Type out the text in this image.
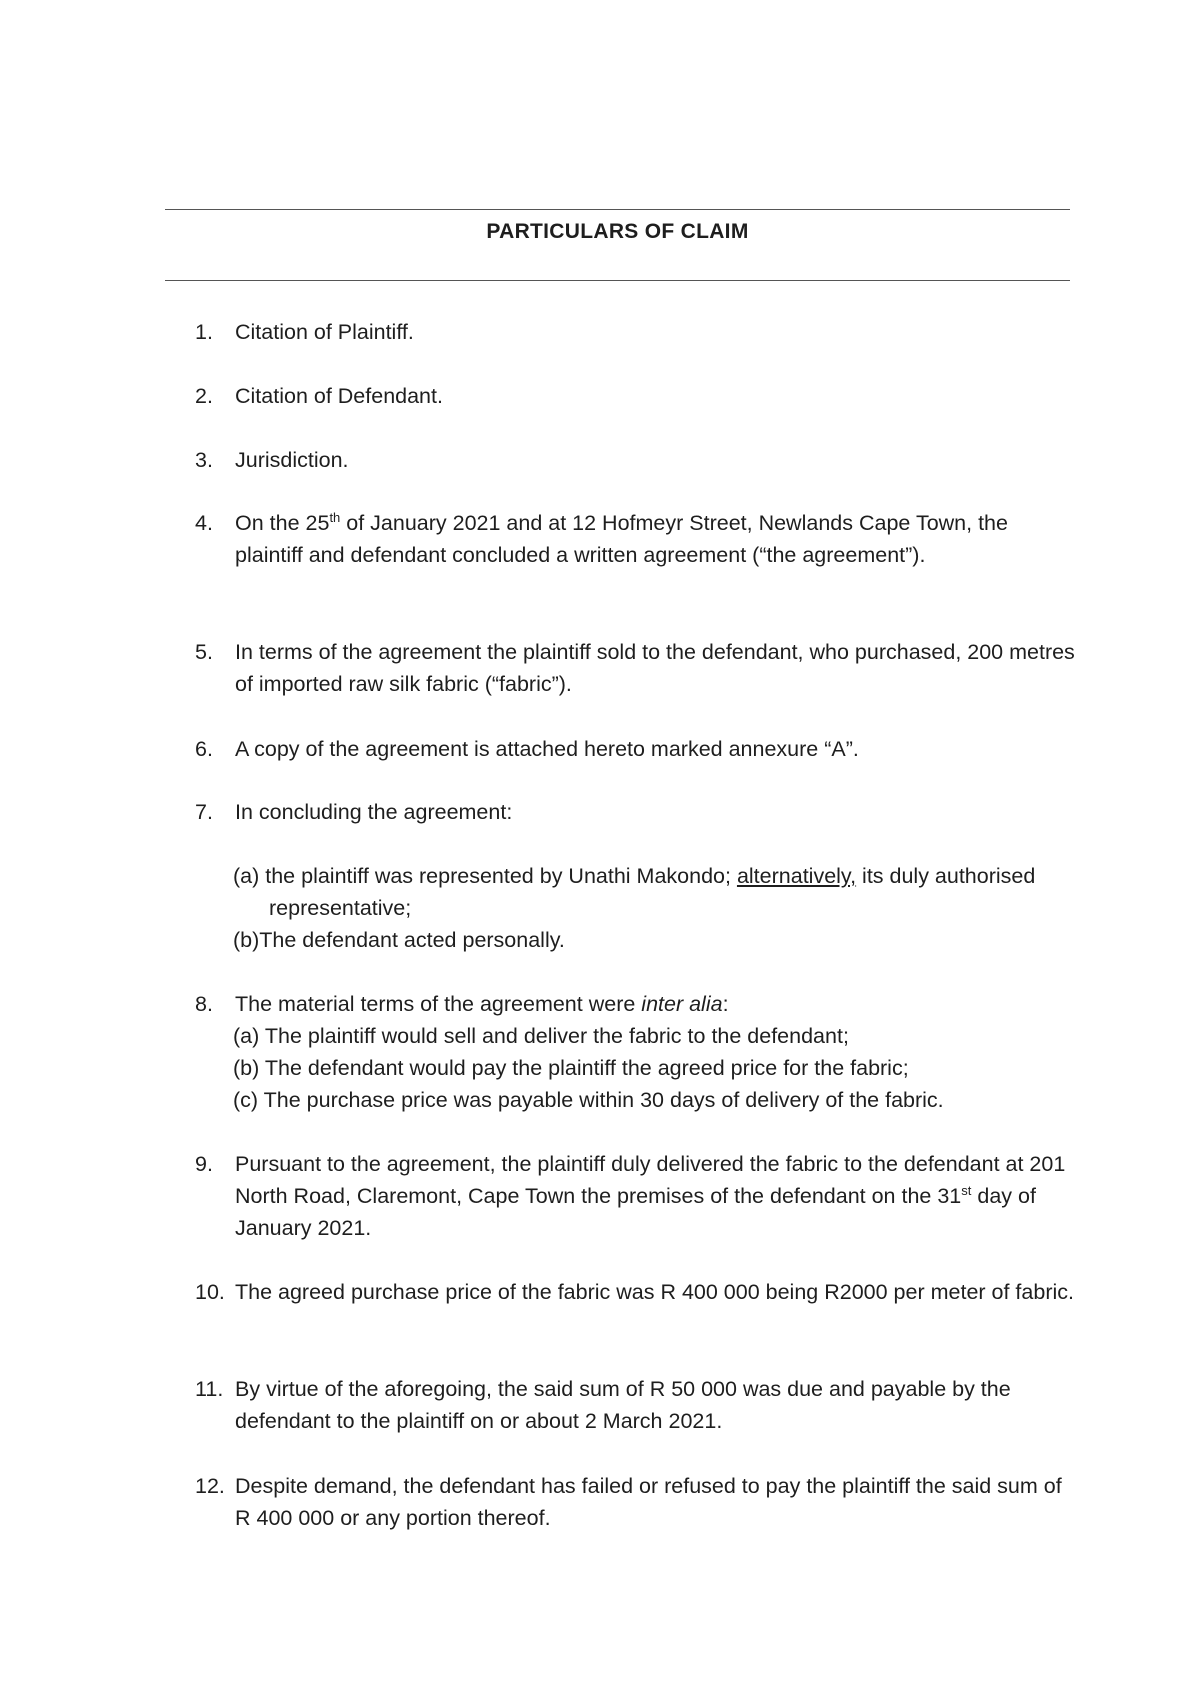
PARTICULARS OF CLAIM
1. Citation of Plaintiff.
2. Citation of Defendant.
3. Jurisdiction.
4. On the 25th of January 2021 and at 12 Hofmeyr Street, Newlands Cape Town, the plaintiff and defendant concluded a written agreement (“the agreement”).
5. In terms of the agreement the plaintiff sold to the defendant, who purchased, 200 metres of imported raw silk fabric (“fabric”).
6. A copy of the agreement is attached hereto marked annexure “A”.
7. In concluding the agreement:
(a) the plaintiff was represented by Unathi Makondo; alternatively, its duly authorised representative;
(b)The defendant acted personally.
8. The material terms of the agreement were inter alia:
(a) The plaintiff would sell and deliver the fabric to the defendant;
(b) The defendant would pay the plaintiff the agreed price for the fabric;
(c) The purchase price was payable within 30 days of delivery of the fabric.
9. Pursuant to the agreement, the plaintiff duly delivered the fabric to the defendant at 201 North Road, Claremont, Cape Town the premises of the defendant on the 31st day of January 2021.
10. The agreed purchase price of the fabric was R 400 000 being R2000 per meter of fabric.
11. By virtue of the aforegoing, the said sum of R 50 000 was due and payable by the defendant to the plaintiff on or about 2 March 2021.
12. Despite demand, the defendant has failed or refused to pay the plaintiff the said sum of R 400 000 or any portion thereof.
